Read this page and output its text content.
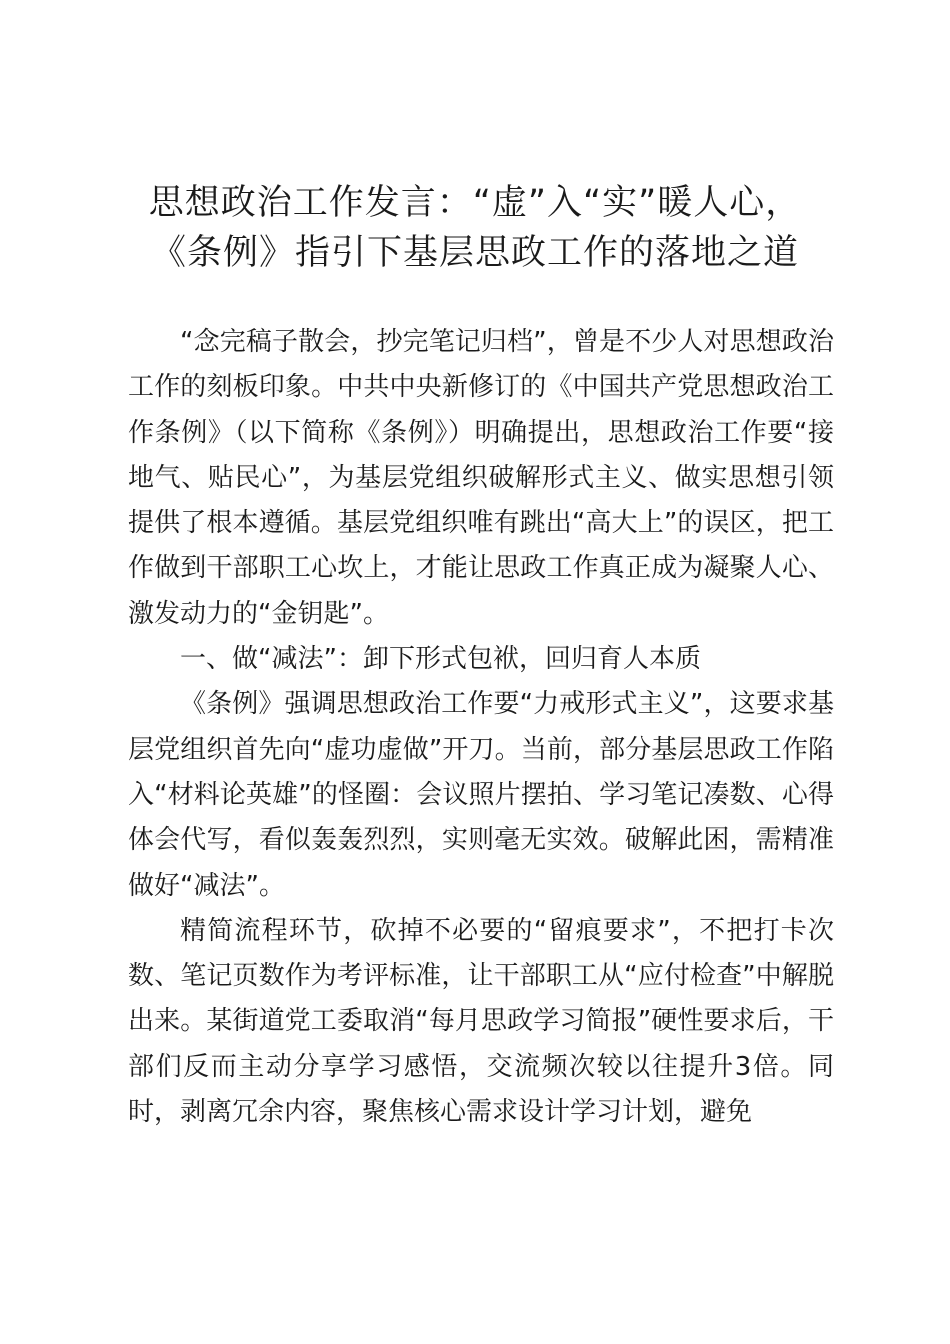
思想政治工作发言：“虚”入“实”暖人心，
《条例》指引下基层思政工作的落地之道

“念完稿子散会，抄完笔记归档”，曾是不少人对思想政治工作的刻板印象。中共中央新修订的《中国共产党思想政治工作条例》（以下简称《条例》）明确提出，思想政治工作要“接地气、贴民心”，为基层党组织破解形式主义、做实思想引领提供了根本遵循。基层党组织唯有跳出“高大上”的误区，把工作做到干部职工心坎上，才能让思政工作真正成为凝聚人心、激发动力的“金钥匙”。

一、做“减法”：卸下形式包袱，回归育人本质

《条例》强调思想政治工作要“力戒形式主义”，这要求基层党组织首先向“虚功虚做”开刀。当前，部分基层思政工作陷入“材料论英雄”的怪圈：会议照片摆拍、学习笔记凑数、心得体会代写，看似轰轰烈烈，实则毫无实效。破解此困，需精准做好“减法”。

精简流程环节，砍掉不必要的“留痕要求”，不把打卡次数、笔记页数作为考评标准，让干部职工从“应付检查”中解脱出来。某街道党工委取消“每月思政学习简报”硬性要求后，干部们反而主动分享学习感悟，交流频次较以往提升3倍。同时，剥离冗余内容，聚焦核心需求设计学习计划，避免
